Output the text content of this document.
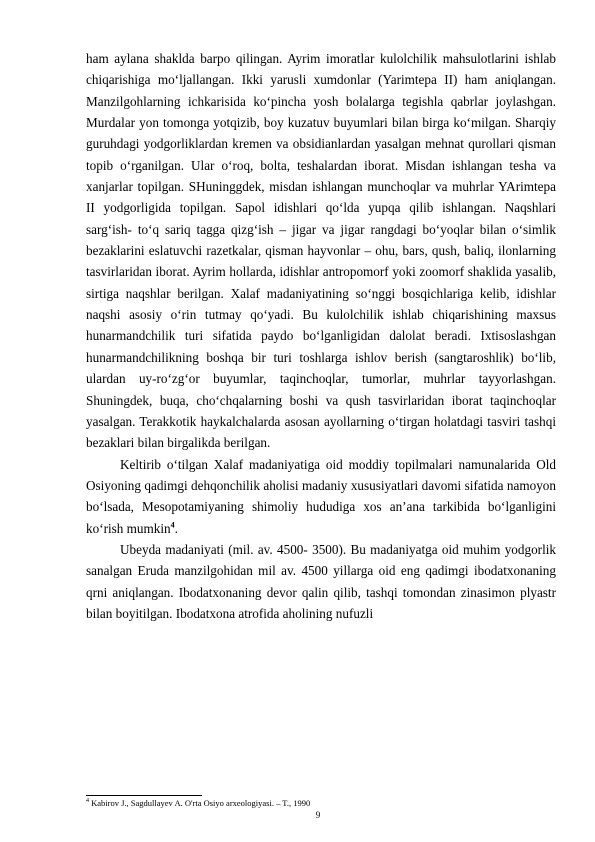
ham aylana shaklda barpo qilingan. Ayrim imoratlar kulolchilik mahsulotlarini ishlab chiqarishiga mo‘ljallangan. Ikki yarusli xumdonlar (Yarimtepa II) ham aniqlangan. Manzilgohlarning ichkarisida ko‘pincha yosh bolalarga tegishla qabrlar joylashgan. Murdalar yon tomonga yotqizib, boy kuzatuv buyumlari bilan birga ko‘milgan. Sharqiy guruhdagi yodgorliklardan kremen va obsidianlardan yasalgan mehnat qurollari qisman topib o‘rganilgan. Ular o‘roq, bolta, teshalardan iborat. Misdan ishlangan tesha va xanjarlar topilgan. SHuninggdek, misdan ishlangan munchoqlar va muhrlar YArimtepa II yodgorligida topilgan. Sapol idishlari qo‘lda yupqa qilib ishlangan. Naqshlari sarg‘ish- to‘q sariq tagga qizg‘ish – jigar va jigar rangdagi bo‘yoqlar bilan o‘simlik bezaklarini eslatuvchi razetkalar, qisman hayvonlar – ohu, bars, qush, baliq, ilonlarning tasvirlaridan iborat. Ayrim hollarda, idishlar antropomorf yoki zoomorf shaklida yasalib, sirtiga naqshlar berilgan. Xalaf madaniyatining so‘nggi bosqichlariga kelib, idishlar naqshi asosiy o‘rin tutmay qo‘yadi. Bu kulolchilik ishlab chiqarishining maxsus hunarmandchilik turi sifatida paydo bo‘lganligidan dalolat beradi. Ixtisoslashgan hunarmandchilikning boshqa bir turi toshlarga ishlov berish (sangtaroshlik) bo‘lib, ulardan uy-ro‘zg‘or buyumlar, taqinchoqlar, tumorlar, muhrlar tayyorlashgan. Shuningdek, buqa, cho‘chqalarning boshi va qush tasvirlaridan iborat taqinchoqlar yasalgan. Terakkotik haykalchalarda asosan ayollarning o‘tirgan holatdagi tasviri tashqi bezaklari bilan birgalikda berilgan.

Keltirib o‘tilgan Xalaf madaniyatiga oid moddiy topilmalari namunalarida Old Osiyoning qadimgi dehqonchilik aholisi madaniy xususiyatlari davomi sifatida namoyon bo‘lsada, Mesopotamiyaning shimoliy hududiga xos an’ana tarkibida bo‘lganligini ko‘rish mumkin$^4$.

Ubeyda madaniyati (mil. av. 4500- 3500). Bu madaniyatga oid muhim yodgorlik sanalgan Eruda manzilgohidan mil av. 4500 yillarga oid eng qadimgi ibodatxonaning qrni aniqlangan. Ibodatxonaning devor qalin qilib, tashqi tomondan zinasimon plyastr bilan boyitilgan. Ibodatxona atrofida aholining nufuzli

$^4$ Kabirov J., Sagdullayev A. O'rta Osiyo arxeologiyasi. – T., 1990
9
